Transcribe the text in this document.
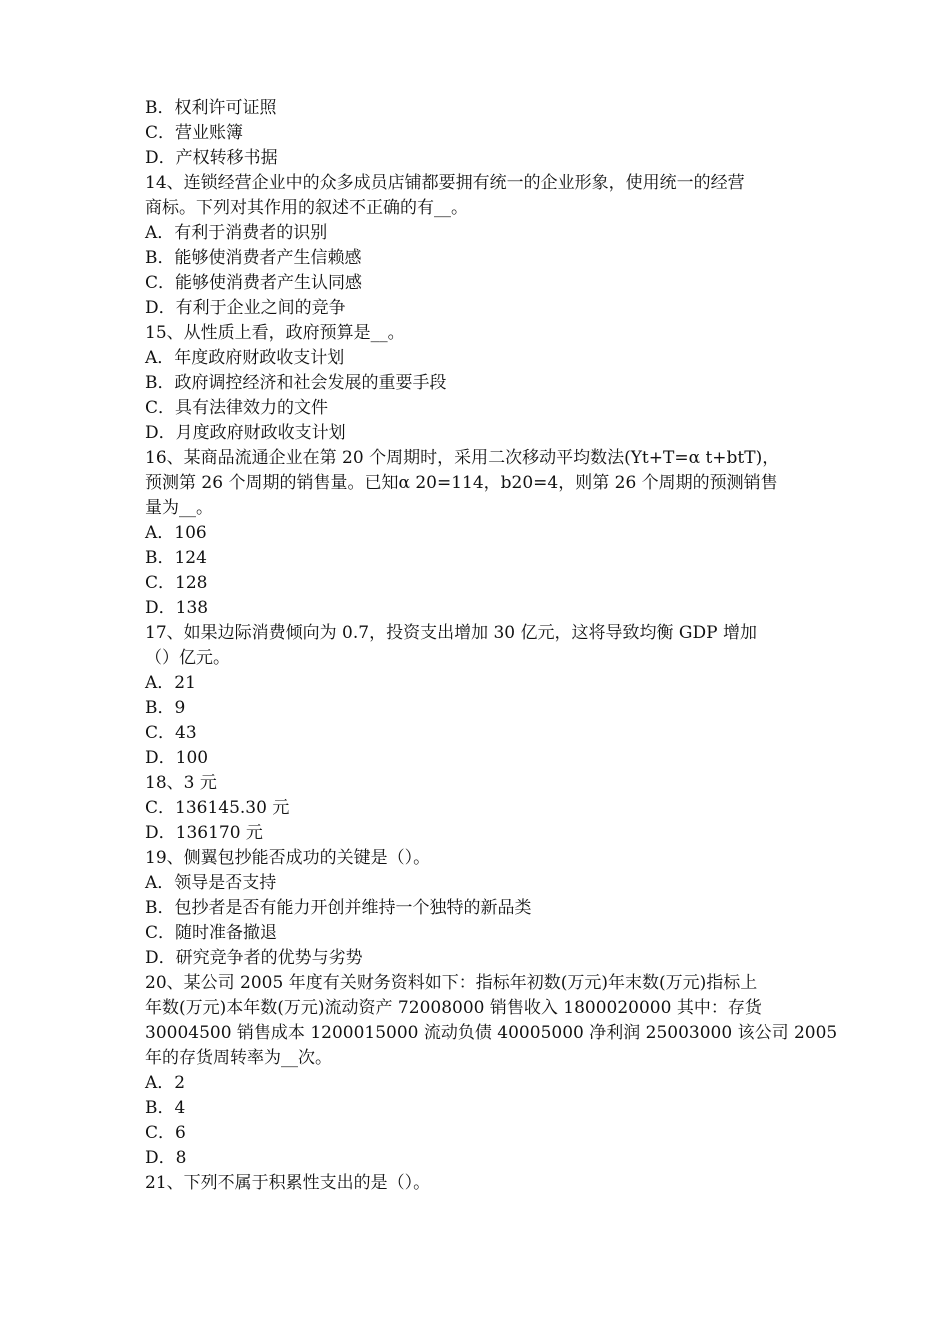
B．权利许可证照
C．营业账簿
D．产权转移书据
14、连锁经营企业中的众多成员店铺都要拥有统一的企业形象，使用统一的经营
商标。下列对其作用的叙述不正确的有__。
A．有利于消费者的识别
B．能够使消费者产生信赖感
C．能够使消费者产生认同感
D．有利于企业之间的竞争
15、从性质上看，政府预算是__。
A．年度政府财政收支计划
B．政府调控经济和社会发展的重要手段
C．具有法律效力的文件
D．月度政府财政收支计划
16、某商品流通企业在第 20 个周期时，采用二次移动平均数法(Yt+T=α t+btT)，
预测第 26 个周期的销售量。已知α 20=114，b20=4，则第 26 个周期的预测销售
量为__。
A．106
B．124
C．128
D．138
17、如果边际消费倾向为 0.7，投资支出增加 30 亿元，这将导致均衡 GDP 增加
（）亿元。
A．21
B．9
C．43
D．100
18、3 元
C．136145.30 元
D．136170 元
19、侧翼包抄能否成功的关键是（）。
A．领导是否支持
B．包抄者是否有能力开创并维持一个独特的新品类
C．随时准备撤退
D．研究竞争者的优势与劣势
20、某公司 2005 年度有关财务资料如下：指标年初数(万元)年末数(万元)指标上
年数(万元)本年数(万元)流动资产 72008000 销售收入 1800020000 其中：存货
30004500 销售成本 1200015000 流动负债 40005000 净利润 25003000 该公司 2005
年的存货周转率为__次。
A．2
B．4
C．6
D．8
21、下列不属于积累性支出的是（）。
